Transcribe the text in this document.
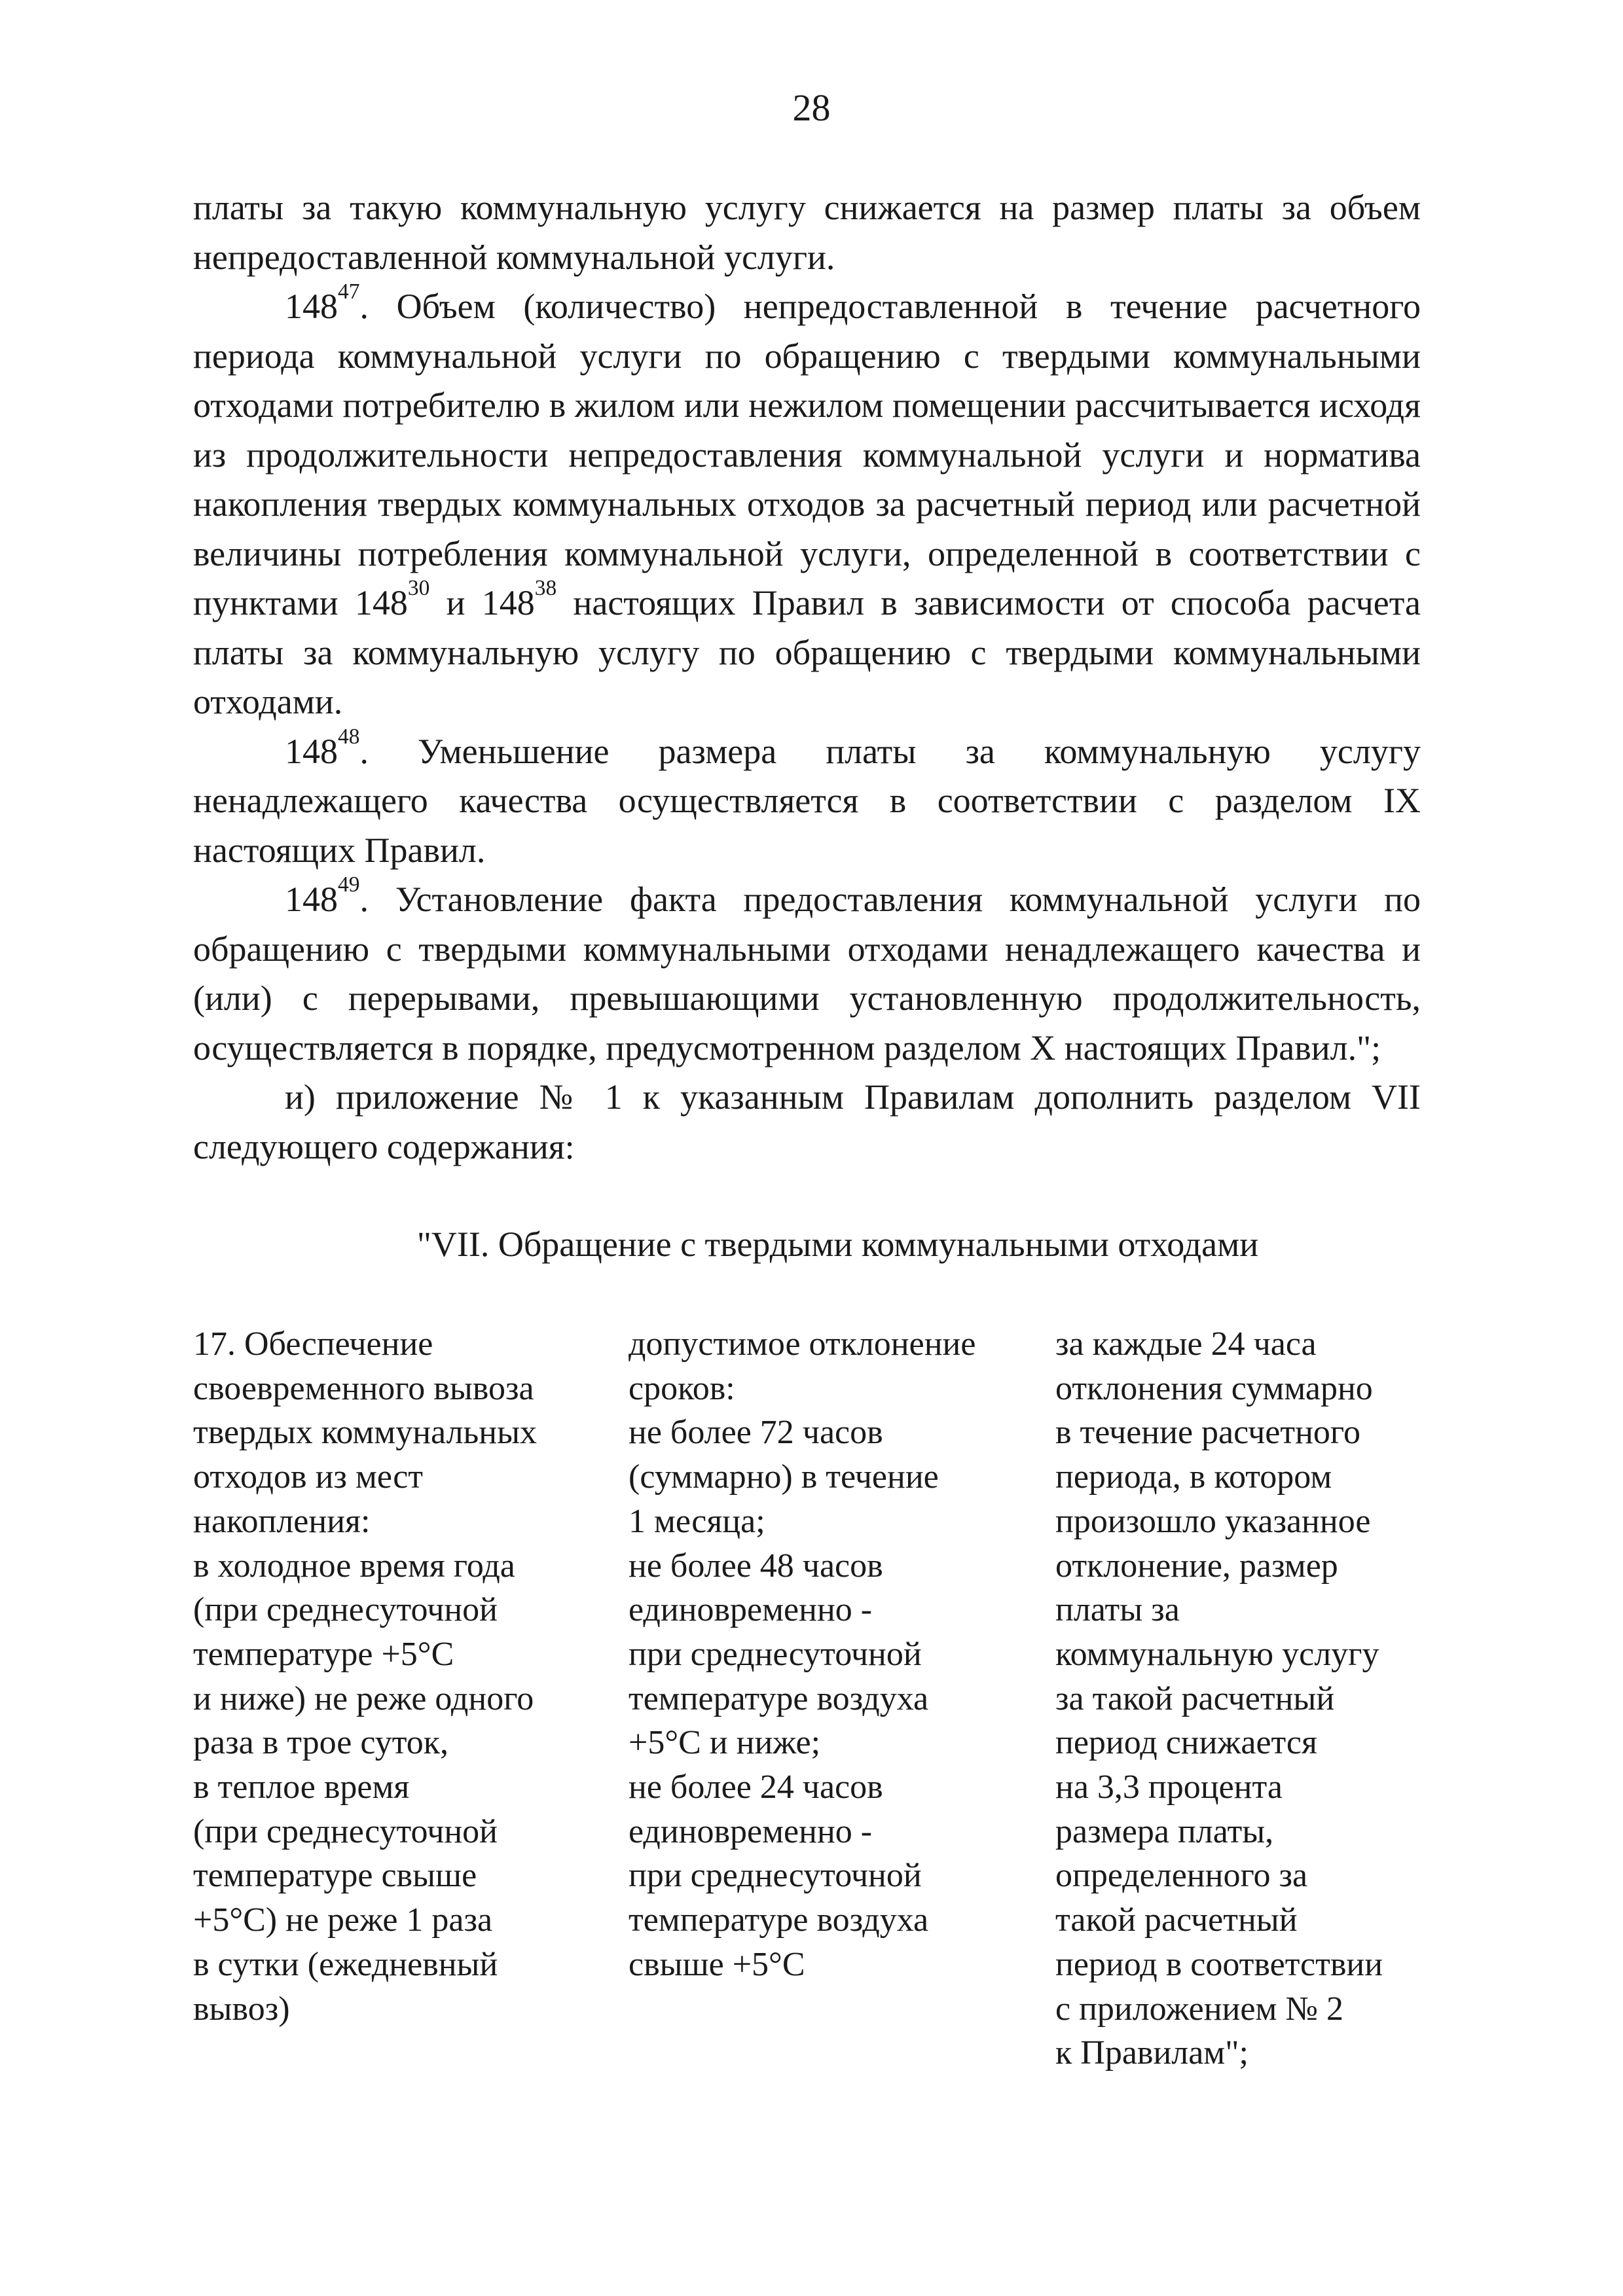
28

платы за такую коммунальную услугу снижается на размер платы за объем непредоставленной коммунальной услуги.

$148^{47}$. Объем (количество) непредоставленной в течение расчетного периода коммунальной услуги по обращению с твердыми коммунальными отходами потребителю в жилом или нежилом помещении рассчитывается исходя из продолжительности непредоставления коммунальной услуги и норматива накопления твердых коммунальных отходов за расчетный период или расчетной величины потребления коммунальной услуги, определенной в соответствии с пунктами $148^{30}$ и $148^{38}$ настоящих Правил в зависимости от способа расчета платы за коммунальную услугу по обращению с твердыми коммунальными отходами.

$148^{48}$. Уменьшение размера платы за коммунальную услугу ненадлежащего качества осуществляется в соответствии с разделом IX настоящих Правил.

$148^{49}$. Установление факта предоставления коммунальной услуги по обращению с твердыми коммунальными отходами ненадлежащего качества и (или) с перерывами, превышающими установленную продолжительность, осуществляется в порядке, предусмотренном разделом X настоящих Правил.";

и) приложение № 1 к указанным Правилам дополнить разделом VII следующего содержания:

"VII. Обращение с твердыми коммунальными отходами
17. Обеспечение
своевременного вывоза
твердых коммунальных
отходов из мест
накопления:
в холодное время года
(при среднесуточной
температуре +5°C
и ниже) не реже одного
раза в трое суток,
в теплое время
(при среднесуточной
температуре свыше
+5°C) не реже 1 раза
в сутки (ежедневный
вывоз)
допустимое отклонение
сроков:
не более 72 часов
(суммарно) в течение
1 месяца;
не более 48 часов
единовременно -
при среднесуточной
температуре воздуха
+5°C и ниже;
не более 24 часов
единовременно -
при среднесуточной
температуре воздуха
свыше +5°C
за каждые 24 часа
отклонения суммарно
в течение расчетного
периода, в котором
произошло указанное
отклонение, размер
платы за
коммунальную услугу
за такой расчетный
период снижается
на 3,3 процента
размера платы,
определенного за
такой расчетный
период в соответствии
с приложением № 2
к Правилам";
